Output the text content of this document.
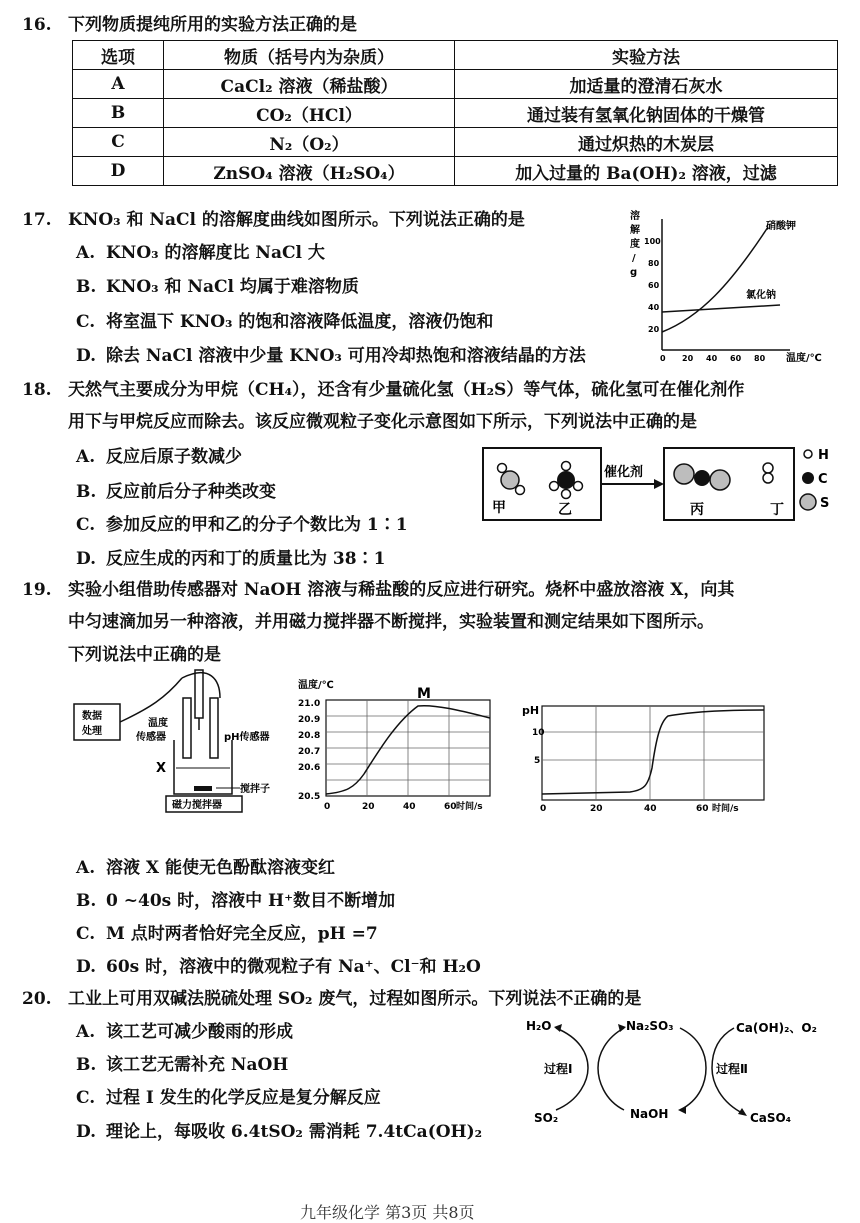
16. 下列物质提纯所用的实验方法正确的是
选项	物质（括号内为杂质）	实验方法
A	CaCl₂ 溶液（稀盐酸）	加适量的澄清石灰水
B	CO₂（HCl）	通过装有氢氧化钠固体的干燥管
C	N₂（O₂）	通过炽热的木炭层
D	ZnSO₄ 溶液（H₂SO₄）	加入过量的 Ba(OH)₂ 溶液，过滤
17. KNO₃ 和 NaCl 的溶解度曲线如图所示。下列说法正确的是
A. KNO₃ 的溶解度比 NaCl 大
B. KNO₃ 和 NaCl 均属于难溶物质
C. 将室温下 KNO₃ 的饱和溶液降低温度，溶液仍饱和
D. 除去 NaCl 溶液中少量 KNO₃ 可用冷却热饱和溶液结晶的方法
溶
解
度
/
g
20
40
60
80
100
0 20 40 60 80 温度/℃
硝酸钾
氯化钠
18. 天然气主要成分为甲烷（CH₄），还含有少量硫化氢（H₂S）等气体，硫化氢可在催化剂作
用下与甲烷反应而除去。该反应微观粒子变化示意图如下所示，下列说法中正确的是
A. 反应后原子数减少
B. 反应前后分子种类改变
C. 参加反应的甲和乙的分子个数比为 1∶1
D. 反应生成的丙和丁的质量比为 38∶1
催化剂
甲	乙	丙	丁
H
C
S
19. 实验小组借助传感器对 NaOH 溶液与稀盐酸的反应进行研究。烧杯中盛放溶液 X，向其
中匀速滴加另一种溶液，并用磁力搅拌器不断搅拌，实验装置和测定结果如下图所示。
下列说法中正确的是
数据
处理
磁力搅拌器
温度
传感器	pH传感器
X
搅拌子
温度/℃
21.0
20.9
20.8
20.7
20.6
20.5
0	20	40	60 时间/s
M
pH
10
5
0	20	40	60 时间/s
A. 溶液 X 能使无色酚酞溶液变红
B. 0 ~40s 时，溶液中 H⁺数目不断增加
C. M 点时两者恰好完全反应，pH =7
D. 60s 时，溶液中的微观粒子有 Na⁺、Cl⁻和 H₂O
20. 工业上可用双碱法脱硫处理 SO₂ 废气，过程如图所示。下列说法不正确的是
A. 该工艺可减少酸雨的形成
B. 该工艺无需补充 NaOH
C. 过程 I 发生的化学反应是复分解反应
D. 理论上，每吸收 6.4tSO₂ 需消耗 7.4tCa(OH)₂
H₂O	Na₂SO₃	Ca(OH)₂、O₂
过程Ⅰ	过程Ⅱ
SO₂	NaOH	CaSO₄
九年级化学 第3页 共8页
